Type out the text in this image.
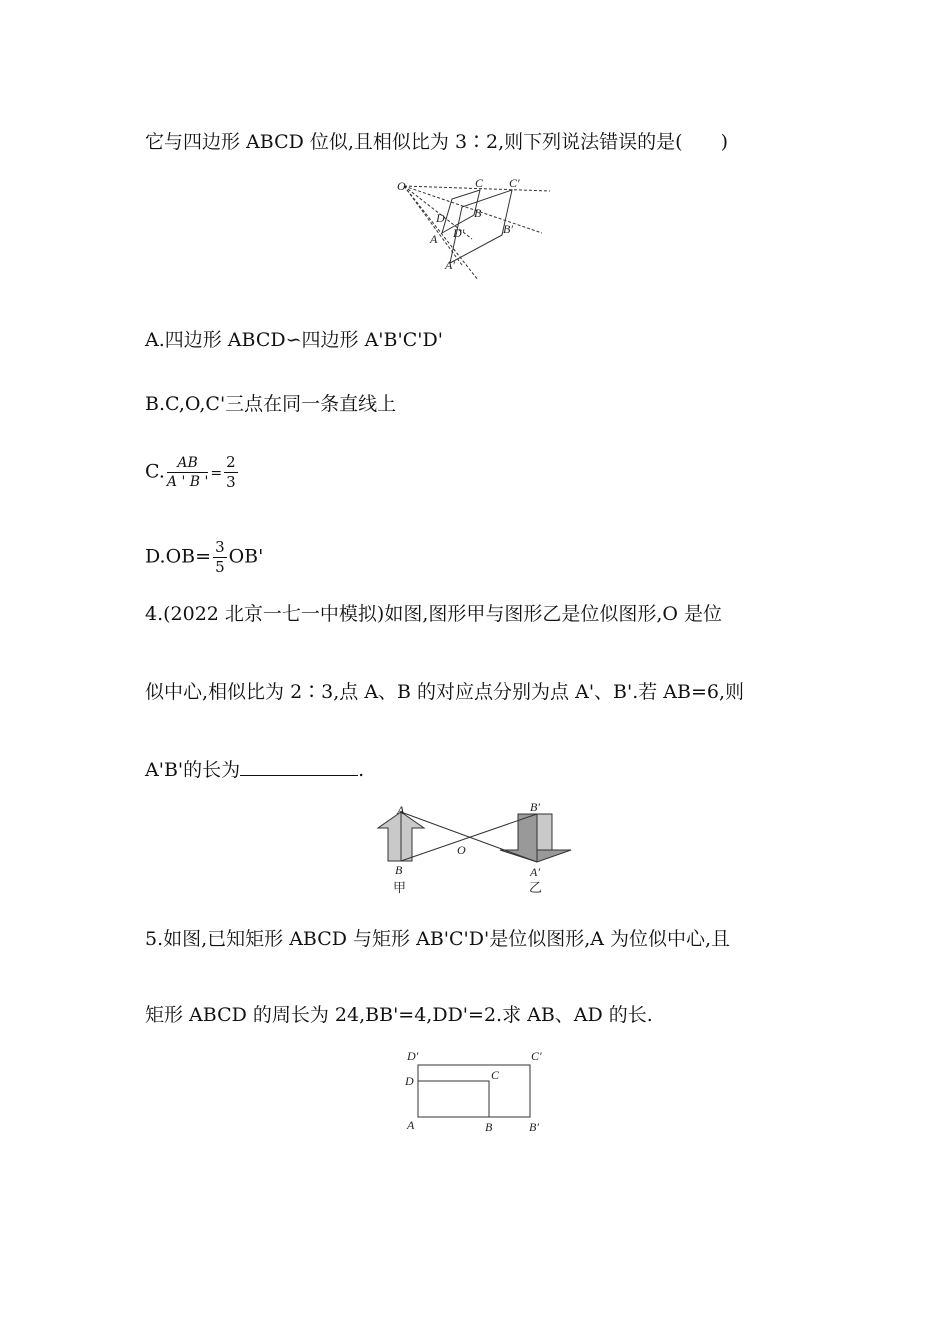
它与四边形 ABCD 位似,且相似比为 3∶2,则下列说法错误的是(　　)
O	C C′
D B
D′	B′
A
A′
A.四边形 ABCD∽四边形 A'B'C'D'
B.C,O,C'三点在同一条直线上
C. $\frac{AB}{A ' B '} = \frac{2}{3}$
$D.OB= \frac{3}{5} OB'$
4.(2022 北京一七一中模拟)如图,图形甲与图形乙是位似图形,O 是位
似中心,相似比为 2∶3,点 A、B 的对应点分别为点 A'、B'.若 AB=6,则
A'B'的长为	.
A
B
O
B′
A′
甲	乙
5.如图,已知矩形 ABCD 与矩形 AB'C'D'是位似图形,A 为位似中心,且
矩形 ABCD 的周长为 24,BB'=4,DD'=2.求 AB、AD 的长.
D′	C′
D	C
A	B	B′
